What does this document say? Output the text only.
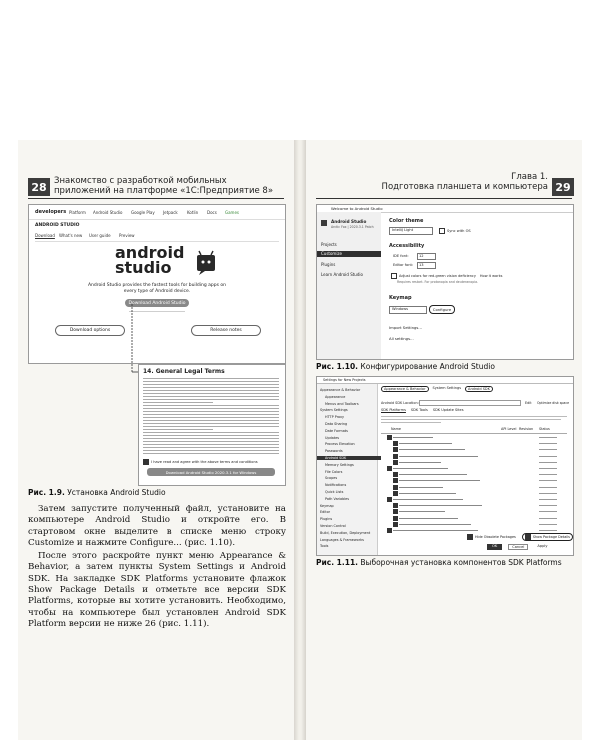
28 Знакомство с разработкой мобильных приложений на платформе «1С:Предприятие 8»
developers Platform Android Studio Google Play Jetpack Kotlin Docs Games
ANDROID STUDIO
Download What's new User guide Preview
android
studio
Android Studio provides the fastest tools for building apps on every type of Android device.
Download Android Studio
Download options	Release notes
14. General Legal Terms
I have read and agree with the above terms and conditions
Download Android Studio 2020.3.1 for Windows
Рис. 1.9. Установка Android Studio

Затем запустите полученный файл, установите на компьютере Android Studio и откройте его. В стартовом окне выделите в списке меню строку Customize и нажмите Configure... (рис. 1.10).

После этого раскройте пункт меню Appearance & Behavior, а затем пункты System Settings и Android SDK. На закладке SDK Platforms установите флажок Show Package Details и отметьте все версии SDK Platforms, которые вы хотите установить. Необходимо, чтобы на компьютере был установлен Android SDK Platform версии не ниже 26 (рис. 1.11).

Глава 1.
Подготовка планшета и компьютера 29
Welcome to Android Studio
Android Studio
Arctic Fox | 2020.3.1 Patch
Projects
Customize
Plugins
Learn Android Studio
Color theme
IntelliJ Light	Sync with OS
Accessibility
IDE font:	12
Editor font:	13
Adjust colors for red-green vision deficiency How it works
Requires restart. For protanopia and deuteranopia.
Keymap
Windows	Configure
Import Settings...
All settings...
Рис. 1.10. Конфигурирование Android Studio
Settings for New Projects
Appearance & Behavior
Appearance
Menus and Toolbars
System Settings
HTTP Proxy
Data Sharing
Date Formats
Updates
Process Elevation
Passwords
Android SDK
Memory Settings
File Colors
Scopes
Notifications
Quick Lists
Path Variables
Keymap
Editor
Plugins
Version Control
Build, Execution, Deployment
Languages & Frameworks
Tools
Appearance & Behavior	System Settings	Android SDK
Android SDK Location:	Edit Optimize disk space
SDK Platforms SDK Tools SDK Update Sites
Name	API Level Revision Status
Hide Obsolete Packages	Show Package Details
OK	Cancel	Apply
Рис. 1.11. Выборочная установка компонентов SDK Platforms
